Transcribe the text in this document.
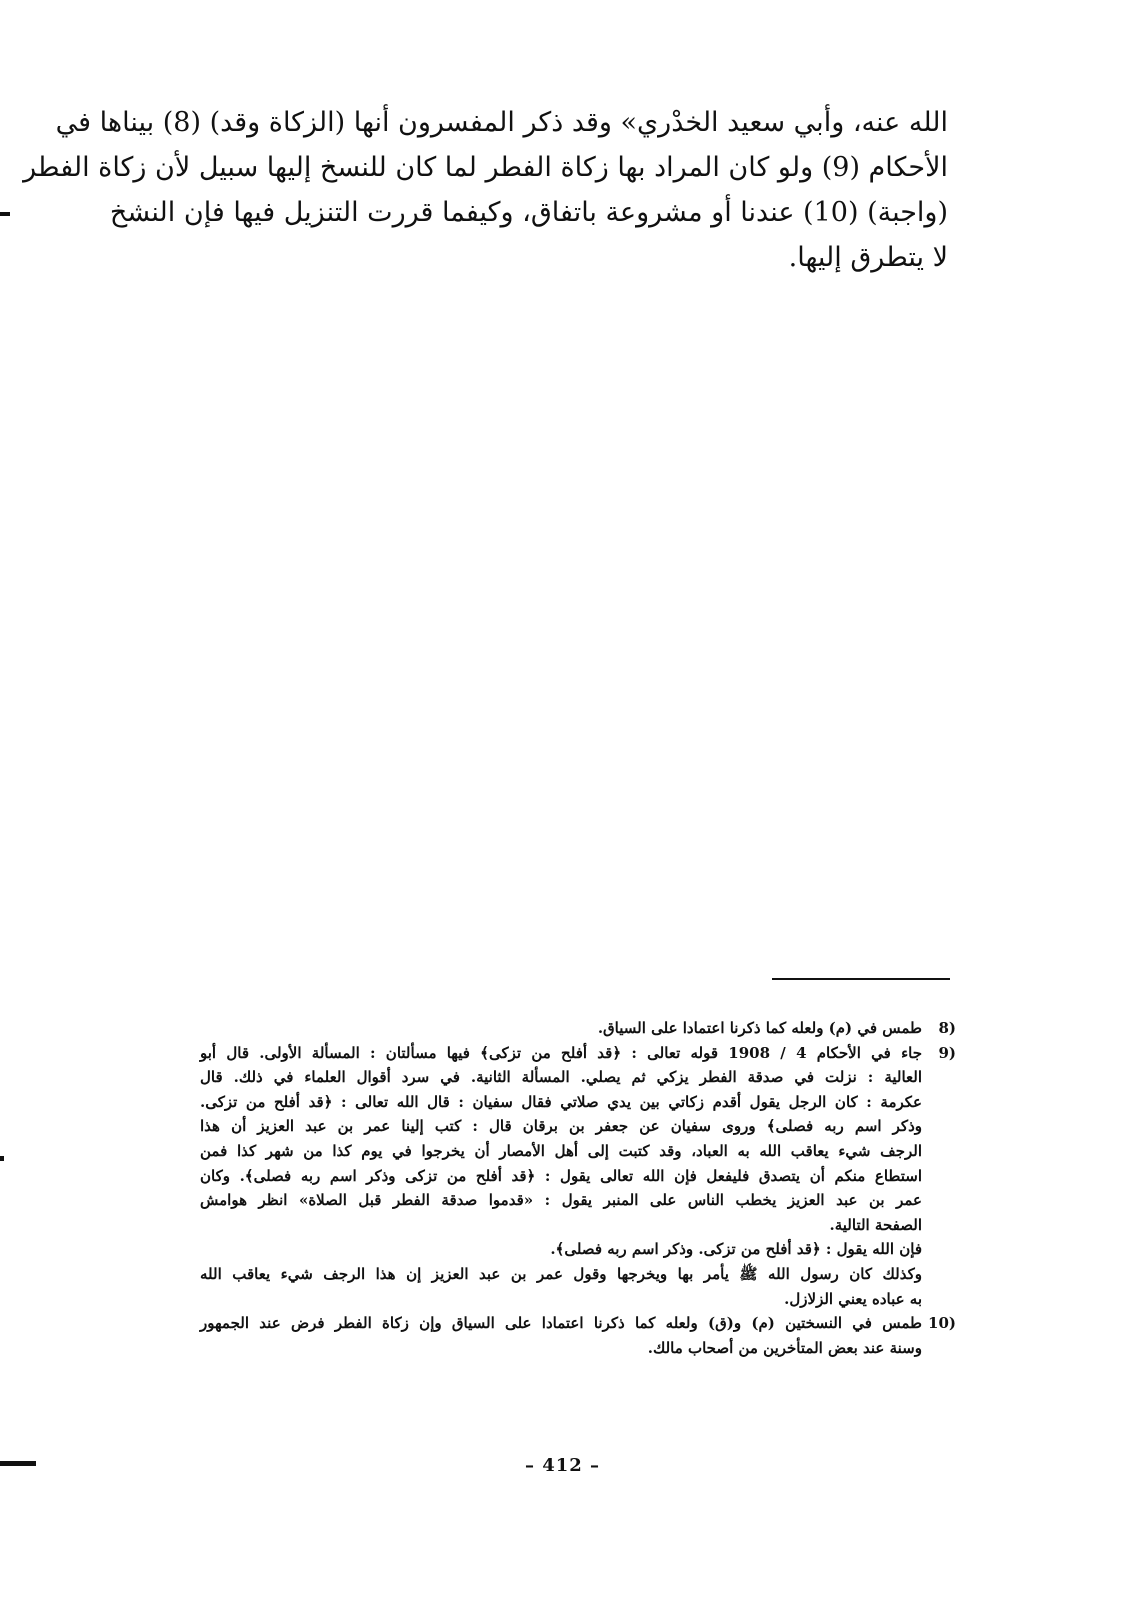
الله عنه، وأبي سعيد الخدْري» وقد ذكر المفسرون أنها (الزكاة وقد) (8) بيناها في
الأحكام (9) ولو كان المراد بها زكاة الفطر لما كان للنسخ إليها سبيل لأن زكاة الفطر
(واجبة) (10) عندنا أو مشروعة باتفاق، وكيفما قررت التنزيل فيها فإن النشخ
لا يتطرق إليها.
8)
طمس في (م) ولعله كما ذكرنا اعتمادا على السياق.
9)
جاء في الأحكام 4 / 1908 قوله تعالى : ﴿قد أفلح من تزكى﴾ فيها مسألتان : المسألة الأولى. قال أبو
العالية : نزلت في صدقة الفطر يزكي ثم يصلي. المسألة الثانية. في سرد أقوال العلماء في ذلك. قال
عكرمة : كان الرجل يقول أقدم زكاتي بين يدي صلاتي فقال سفيان : قال الله تعالى : ﴿قد أفلح من تزكى.
وذكر اسم ربه فصلى﴾ وروى سفيان عن جعفر بن برقان قال : كتب إلينا عمر بن عبد العزيز أن هذا
الرجف شيء يعاقب الله به العباد، وقد كتبت إلى أهل الأمصار أن يخرجوا في يوم كذا من شهر كذا فمن
استطاع منكم أن يتصدق فليفعل فإن الله تعالى يقول : ﴿قد أفلح من تزكى وذكر اسم ربه فصلى﴾. وكان
عمر بن عبد العزيز يخطب الناس على المنبر يقول : «قدموا صدقة الفطر قبل الصلاة» انظر هوامش
الصفحة التالية.
فإن الله يقول : ﴿قد أفلح من تزكى. وذكر اسم ربه فصلى﴾.
وكذلك كان رسول الله ﷺ يأمر بها ويخرجها وقول عمر بن عبد العزيز إن هذا الرجف شيء يعاقب الله
به عباده يعني الزلازل.
10)
طمس في النسختين (م) و(ق) ولعله كما ذكرنا اعتمادا على السياق وإن زكاة الفطر فرض عند الجمهور
وسنة عند بعض المتأخرين من أصحاب مالك.
– 412 –
